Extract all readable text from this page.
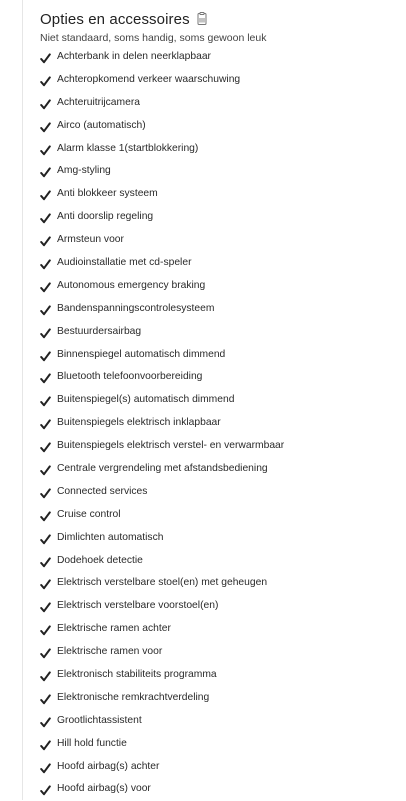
Opties en accessoires
Niet standaard, soms handig, soms gewoon leuk
Achterbank in delen neerklapbaar
Achteropkomend verkeer waarschuwing
Achteruitrijcamera
Airco (automatisch)
Alarm klasse 1(startblokkering)
Amg-styling
Anti blokkeer systeem
Anti doorslip regeling
Armsteun voor
Audioinstallatie met cd-speler
Autonomous emergency braking
Bandenspanningscontrolesysteem
Bestuurdersairbag
Binnenspiegel automatisch dimmend
Bluetooth telefoonvoorbereiding
Buitenspiegel(s) automatisch dimmend
Buitenspiegels elektrisch inklapbaar
Buitenspiegels elektrisch verstel- en verwarmbaar
Centrale vergrendeling met afstandsbediening
Connected services
Cruise control
Dimlichten automatisch
Dodehoek detectie
Elektrisch verstelbare stoel(en) met geheugen
Elektrisch verstelbare voorstoel(en)
Elektrische ramen achter
Elektrische ramen voor
Elektronisch stabiliteits programma
Elektronische remkrachtverdeling
Grootlichtassistent
Hill hold functie
Hoofd airbag(s) achter
Hoofd airbag(s) voor
